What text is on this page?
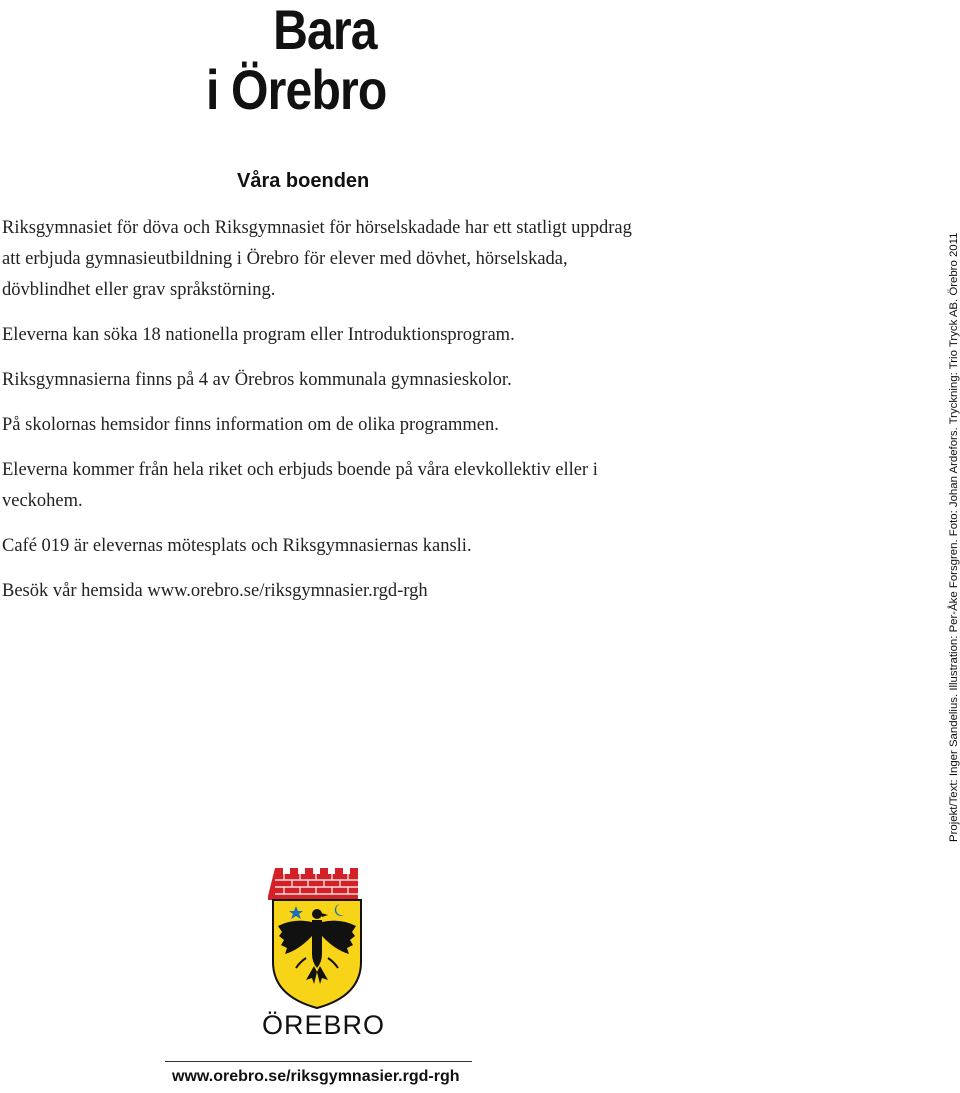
Bara
i Örebro
Våra boenden

Riksgymnasiet för döva och Riksgymnasiet för hörselskadade har ett statligt uppdrag att erbjuda gymnasieutbildning i Örebro för elever med dövhet, hörselskada, dövblindhet eller grav språkstörning.

Eleverna kan söka 18 nationella program eller Introduktionsprogram.

Riksgymnasierna finns på 4 av Örebros kommunala gymnasieskolor.

På skolornas hemsidor finns information om de olika programmen.

Eleverna kommer från hela riket och erbjuds boende på våra elevkollektiv eller i veckohem.

Café 019 är elevernas mötesplats och Riksgymnasiernas kansli.

Besök vår hemsida www.orebro.se/riksgymnasier.rgd-rgh	Projekt/Text: Inger Sandelius. Illustration: Per-Åke Forsgren. Foto: Johan Ardefors. Tryckning: Trio Tryck AB. Örebro 2011
ÖREBRO
www.orebro.se/riksgymnasier.rgd-rgh
